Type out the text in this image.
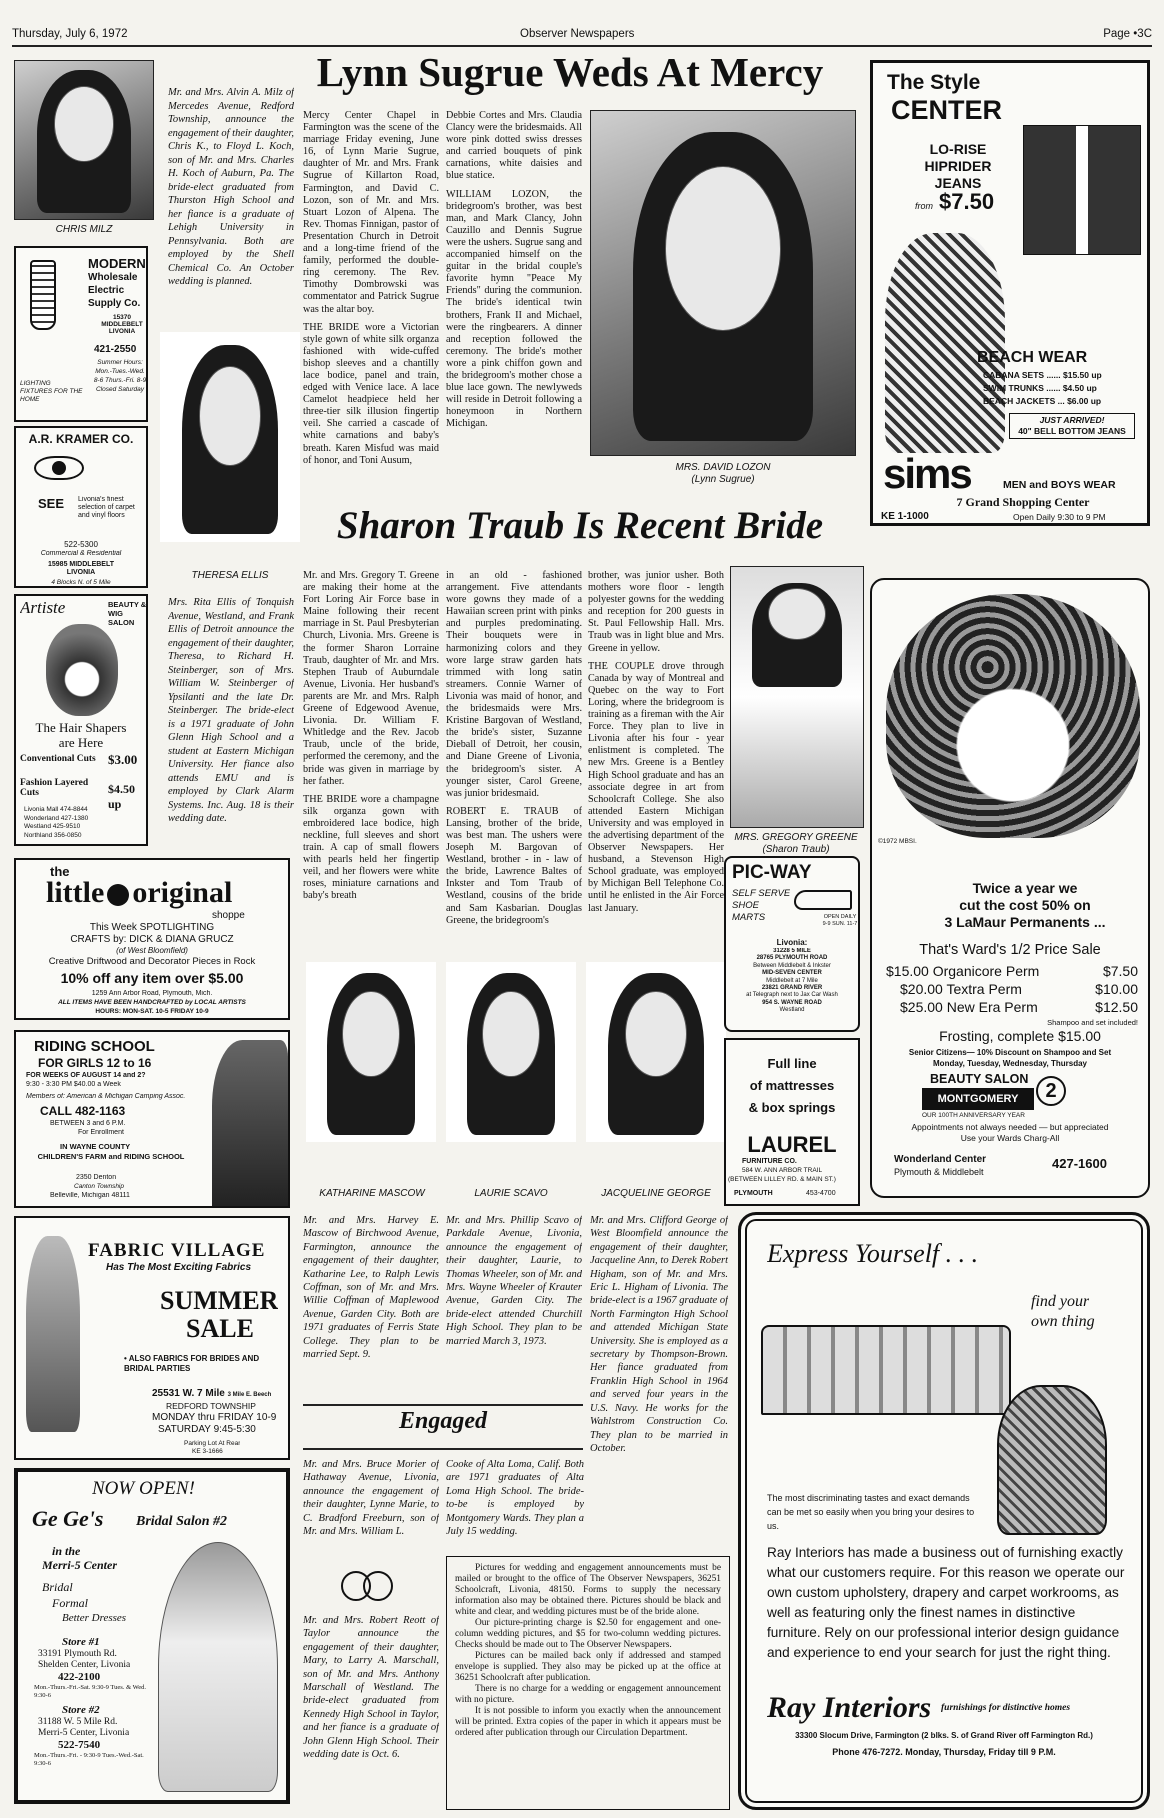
Thursday, July 6, 1972	Observer Newspapers	Page •3C
CHRIS MILZ
MODERN
Wholesale
Electric
Supply Co.
15370 MIDDLEBELT LIVONIA
421-2550
Summer Hours: Mon.-Tues.-Wed. 8-6 Thurs.-Fri. 8-9 Closed Saturday
LIGHTING FIXTURES FOR THE HOME
A.R. KRAMER CO.
SEE Livonia's finest selection of carpet and vinyl floors
522-5300
Commercial & Residential
15985 MIDDLEBELT LIVONIA
4 Blocks N. of 5 Mile
Artiste	BEAUTY & WIG SALON
The Hair Shapers
are Here
Conventional Cuts $3.00
Fashion Layered Cuts	$4.50 up
Livonia Mall 474-8844
Wonderland 427-1380
Westland 425-9510
Northland 356-0850
the
little original
shoppe
This Week SPOTLIGHTING
CRAFTS by: DICK & DIANA GRUCZ
(of West Bloomfield)
Creative Driftwood and Decorator Pieces in Rock
10% off any item over $5.00
1259 Ann Arbor Road, Plymouth, Mich.
ALL ITEMS HAVE BEEN HANDCRAFTED by LOCAL ARTISTS
HOURS: MON-SAT. 10-5 FRIDAY 10-9
RIDING SCHOOL
FOR GIRLS 12 to 16
FOR WEEKS OF AUGUST 14 and 2?
9:30 - 3:30 PM $40.00 a Week
Members of: American & Michigan Camping Assoc.
CALL 482-1163
BETWEEN 3 and 6 P.M.
For Enrollment
IN WAYNE COUNTY
CHILDREN'S FARM and RIDING SCHOOL
2350 Denton
Canton Township
Belleville, Michigan 48111
FABRIC VILLAGE
Has The Most Exciting Fabrics
SUMMER
SALE
• ALSO FABRICS FOR BRIDES AND BRIDAL PARTIES
25531 W. 7 Mile 3 Mile E. Beech
REDFORD TOWNSHIP
MONDAY thru FRIDAY 10-9
SATURDAY 9:45-5:30
Parking Lot At Rear
KE 3-1666
NOW OPEN!
Ge Ge's Bridal Salon #2
in the
Merri-5 Center
Bridal
Formal
Better Dresses
Store #1
33191 Plymouth Rd.
Shelden Center, Livonia
422-2100
Mon.-Thurs.-Fri.-Sat. 9:30-9 Tues. & Wed. 9:30-6
Store #2
31188 W. 5 Mile Rd.
Merri-5 Center, Livonia
522-7540
Mon.-Thurs.-Fri. - 9:30-9 Tues.-Wed.-Sat. 9:30-6
Mr. and Mrs. Alvin A. Milz of Mercedes Avenue, Redford Township, announce the engagement of their daughter, Chris K., to Floyd L. Koch, son of Mr. and Mrs. Charles H. Koch of Auburn, Pa. The bride-elect graduated from Thurston High School and her fiance is a graduate of Lehigh University in Pennsylvania. Both are employed by the Shell Chemical Co. An October wedding is planned.
THERESA ELLIS
Mrs. Rita Ellis of Tonquish Avenue, Westland, and Frank Ellis of Detroit announce the engagement of their daughter, Theresa, to Richard H. Steinberger, son of Mrs. William W. Steinberger of Ypsilanti and the late Dr. Steinberger. The bride-elect is a 1971 graduate of John Glenn High School and a student at Eastern Michigan University. Her fiance also attends EMU and is employed by Clark Alarm Systems. Inc. Aug. 18 is their wedding date.
Lynn Sugrue Weds At Mercy

Mercy Center Chapel in Farmington was the scene of the marriage Friday evening, June 16, of Lynn Marie Sugrue, daughter of Mr. and Mrs. Frank Sugrue of Killarton Road, Farmington, and David C. Lozon, son of Mr. and Mrs. Stuart Lozon of Alpena. The Rev. Thomas Finnigan, pastor of Presentation Church in Detroit and a long-time friend of the family, performed the double-ring ceremony. The Rev. Timothy Dombrowski was commentator and Patrick Sugrue was the altar boy.

THE BRIDE wore a Victorian style gown of white silk organza fashioned with wide-cuffed bishop sleeves and a chantilly lace bodice, panel and train, edged with Venice lace. A lace Camelot headpiece held her three-tier silk illusion fingertip veil. She carried a cascade of white carnations and baby's breath. Karen Misfud was maid of honor, and Toni Ausum,

Debbie Cortes and Mrs. Claudia Clancy were the bridesmaids. All wore pink dotted swiss dresses and carried bouquets of pink carnations, white daisies and blue statice.

WILLIAM LOZON, the bridegroom's brother, was best man, and Mark Clancy, John Cauzillo and Dennis Sugrue were the ushers. Sugrue sang and accompanied himself on the guitar in the bridal couple's favorite hymn "Peace My Friends" during the communion. The bride's identical twin brothers, Frank II and Michael, were the ringbearers. A dinner and reception followed the ceremony. The bride's mother wore a pink chiffon gown and the bridegroom's mother chose a blue lace gown. The newlyweds will reside in Detroit following a honeymoon in Northern Michigan.

MRS. DAVID LOZON
(Lynn Sugrue)
Sharon Traub Is Recent Bride

Mr. and Mrs. Gregory T. Greene are making their home at the Fort Loring Air Force base in Maine following their recent marriage in St. Paul Presbyterian Church, Livonia. Mrs. Greene is the former Sharon Lorraine Traub, daughter of Mr. and Mrs. Stephen Traub of Auburndale Avenue, Livonia. Her husband's parents are Mr. and Mrs. Ralph Greene of Edgewood Avenue, Livonia. Dr. William F. Whitledge and the Rev. Jacob Traub, uncle of the bride, performed the ceremony, and the bride was given in marriage by her father.

THE BRIDE wore a champagne silk organza gown with embroidered lace bodice, high neckline, full sleeves and short train. A cap of small flowers with pearls held her fingertip veil, and her flowers were white roses, miniature carnations and baby's breath

in an old - fashioned arrangement. Five attendants wore gowns they made of a Hawaiian screen print with pinks and purples predominating. Their bouquets were in harmonizing colors and they wore large straw garden hats trimmed with long satin streamers. Connie Warner of Livonia was maid of honor, and the bridesmaids were Mrs. Kristine Bargovan of Westland, the bride's sister, Suzanne Dieball of Detroit, her cousin, and Diane Greene of Livonia, the bridegroom's sister. A younger sister, Carol Greene, was junior bridesmaid.

ROBERT E. TRAUB of Lansing, brother of the bride, was best man. The ushers were Joseph M. Bargovan of Westland, brother - in - law of the bride, Lawrence Baltes of Inkster and Tom Traub of Westland, cousins of the bride and Sam Kasbarian. Douglas Greene, the bridegroom's

brother, was junior usher. Both mothers wore floor - length polyester gowns for the wedding and reception for 200 guests in St. Paul Fellowship Hall. Mrs. Traub was in light blue and Mrs. Greene in yellow.

THE COUPLE drove through Canada by way of Montreal and Quebec on the way to Fort Loring, where the bridegroom is training as a fireman with the Air Force. They plan to live in Livonia after his four - year enlistment is completed. The new Mrs. Greene is a Bentley High School graduate and has an associate degree in art from Schoolcraft College. She also attended Eastern Michigan University and was employed in the advertising department of the Observer Newspapers. Her husband, a Stevenson High School graduate, was employed by Michigan Bell Telephone Co. until he enlisted in the Air Force last January.

MRS. GREGORY GREENE
(Sharon Traub)
KATHARINE MASCOW	LAURIE SCAVO	JACQUELINE GEORGE
Mr. and Mrs. Harvey E. Mascow of Birchwood Avenue, Farmington, announce the engagement of their daughter, Katharine Lee, to Ralph Lewis Coffman, son of Mr. and Mrs. Willie Coffman of Maplewood Avenue, Garden City. Both are 1971 graduates of Ferris State College. They plan to be married Sept. 9.
Mr. and Mrs. Phillip Scavo of Parkdale Avenue, Livonia, announce the engagement of their daughter, Laurie, to Thomas Wheeler, son of Mr. and Mrs. Wayne Wheeler of Krauter Avenue, Garden City. The bride-elect attended Churchill High School. They plan to be married March 3, 1973.
Mr. and Mrs. Clifford George of West Bloomfield announce the engagement of their daughter, Jacqueline Ann, to Derek Robert Higham, son of Mr. and Mrs. Eric L. Higham of Livonia. The bride-elect is a 1967 graduate of North Farmington High School and attended Michigan State University. She is employed as a secretary by Thompson-Brown. Her fiance graduated from Franklin High School in 1964 and served four years in the U.S. Navy. He works for the Wahlstrom Construction Co. They plan to be married in October.
Engaged
Mr. and Mrs. Bruce Morier of Hathaway Avenue, Livonia, announce the engagement of their daughter, Lynne Marie, to C. Bradford Freeburn, son of Mr. and Mrs. William L.
Cooke of Alta Loma, Calif. Both are 1971 graduates of Alta Loma High School. The bride-to-be is employed by Montgomery Wards. They plan a July 15 wedding.
Mr. and Mrs. Robert Reott of Taylor announce the engagement of their daughter, Mary, to Larry A. Marschall, son of Mr. and Mrs. Anthony Marschall of Westland. The bride-elect graduated from Kennedy High School in Taylor, and her fiance is a graduate of John Glenn High School. Their wedding date is Oct. 6.

Pictures for wedding and engagement announcements must be mailed or brought to the office of The Observer Newspapers, 36251 Schoolcraft, Livonia, 48150. Forms to supply the necessary information also may be obtained there. Pictures should be black and white and clear, and wedding pictures must be of the bride alone.

Our picture-printing charge is $2.50 for engagement and one-column wedding pictures, and $5 for two-column wedding pictures. Checks should be made out to The Observer Newspapers.

Pictures can be mailed back only if addressed and stamped envelope is supplied. They also may be picked up at the office at 36251 Schoolcraft after publication.

There is no charge for a wedding or engagement announcement with no picture.

It is not possible to inform you exactly when the announcement will be printed. Extra copies of the paper in which it appears must be ordered after publication through our Circulation Department.

The Style
CENTER
LO-RISE
HIPRIDER
JEANS
from $7.50
BEACH WEAR
CABANA SETS ...... $15.50 up
SWIM TRUNKS ...... $4.50 up
BEACH JACKETS ... $6.00 up
JUST ARRIVED!
40" BELL BOTTOM JEANS
sims	MEN and BOYS WEAR
7 Grand Shopping Center
KE 1-1000	Open Daily 9:30 to 9 PM
©1972 MBSI.
Twice a year we
cut the cost 50% on
3 LaMaur Permanents ...
That's Ward's 1/2 Price Sale
$15.00 Organicore Perm	$7.50
$20.00 Textra Perm	$10.00
$25.00 New Era Perm	$12.50
Shampoo and set included!
Frosting, complete $15.00
Senior Citizens— 10% Discount on Shampoo and Set
Monday, Tuesday, Wednesday, Thursday
BEAUTY SALON
MONTGOMERY	2
OUR 100TH ANNIVERSARY YEAR
Appointments not always needed — but appreciated
Use your Wards Charg-All
Wonderland Center
Plymouth & Middlebelt
427-1600
PIC-WAY
SELF SERVE
SHOE
MARTS	OPEN DAILY 9-9 SUN. 11-7
Livonia:
31228 5 MILE
28765 PLYMOUTH ROAD
Between Middlebelt & Inkster
MID-SEVEN CENTER
Middlebelt at 7 Mile
23821 GRAND RIVER
at Telegraph next to Jax Car Wash
954 S. WAYNE ROAD
Westland
Full line
of mattresses
& box springs
LAUREL
FURNITURE CO.
584 W. ANN ARBOR TRAIL
(BETWEEN LILLEY RD. & MAIN ST.)
PLYMOUTH	453-4700
Express Yourself . . .
find your
own thing
The most discriminating tastes and exact demands can be met so easily when you bring your desires to us.
Ray Interiors has made a business out of furnishing exactly what our customers require. For this reason we operate our own custom upholstery, drapery and carpet workrooms, as well as featuring only the finest names in distinctive furniture. Rely on our professional interior design guidance and experience to end your search for just the right thing.
Ray Interiors furnishings for distinctive homes
33300 Slocum Drive, Farmington (2 blks. S. of Grand River off Farmington Rd.)
Phone 476-7272. Monday, Thursday, Friday till 9 P.M.
